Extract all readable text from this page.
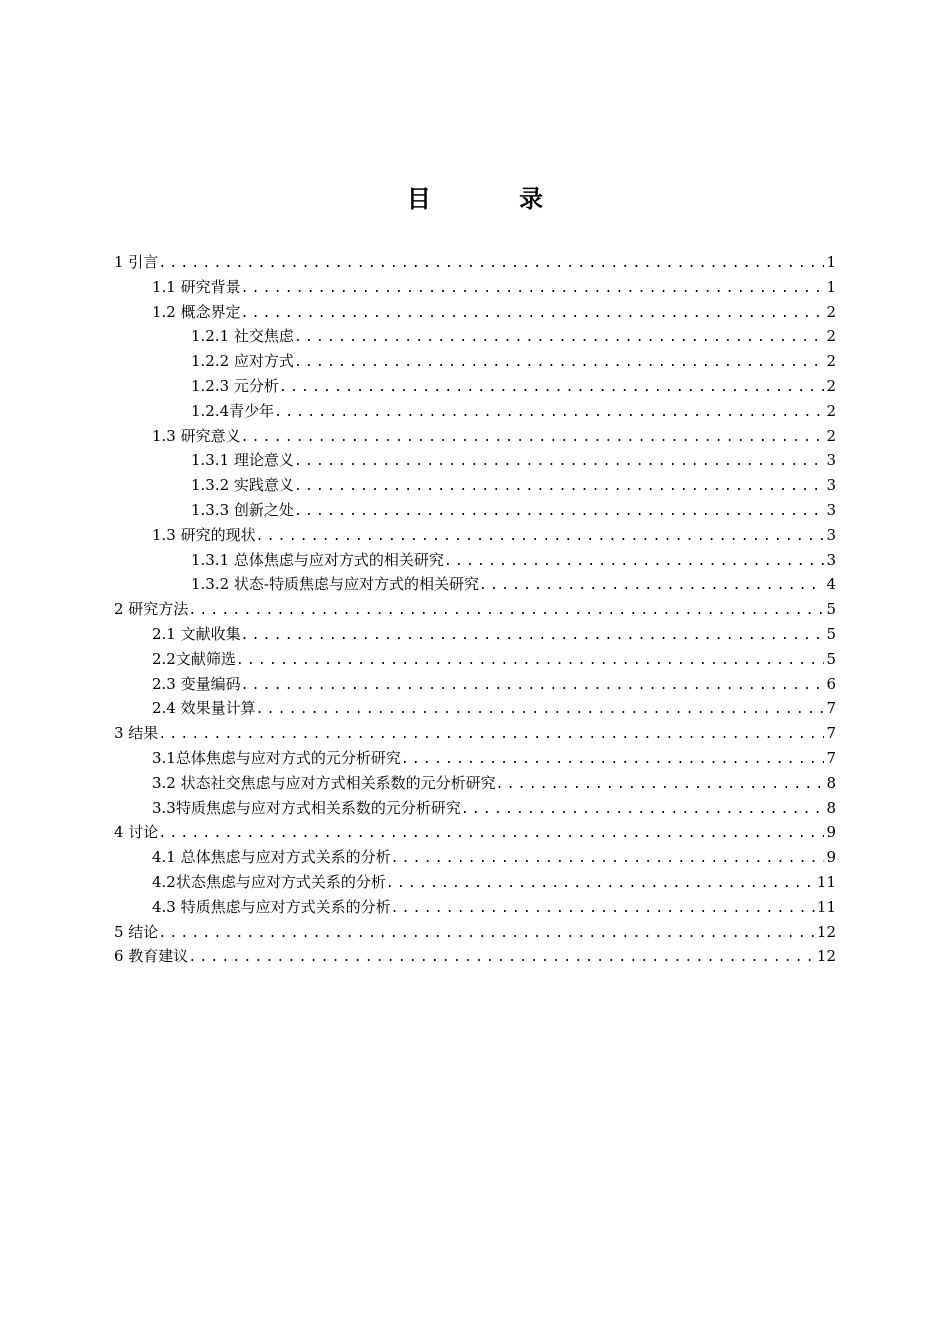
目 录
1 引言 .....	1
1.1 研究背景 .....	1
1.2 概念界定 .....	2
1.2.1 社交焦虑 .....	2
1.2.2 应对方式 .....	2
1.2.3 元分析 .....	2
1.2.4青少年 .....	2
1.3 研究意义 .....	2
1.3.1 理论意义 .....	3
1.3.2 实践意义 .....	3
1.3.3 创新之处 .....	3
1.3 研究的现状 .....	3
1.3.1 总体焦虑与应对方式的相关研究 .....	3
1.3.2 状态-特质焦虑与应对方式的相关研究 .....	4
2 研究方法 .....	5
2.1 文献收集 .....	5
2.2文献筛选 .....	5
2.3 变量编码 .....	6
2.4 效果量计算 .....	7
3 结果 .....	7
3.1总体焦虑与应对方式的元分析研究 .....	7
3.2 状态社交焦虑与应对方式相关系数的元分析研究 .....	8
3.3特质焦虑与应对方式相关系数的元分析研究 .....	8
4 讨论 .....	9
4.1 总体焦虑与应对方式关系的分析 .....	9
4.2状态焦虑与应对方式关系的分析 .....	11
4.3 特质焦虑与应对方式关系的分析 .....	11
5 结论 .....	12
6 教育建议 .....	12
